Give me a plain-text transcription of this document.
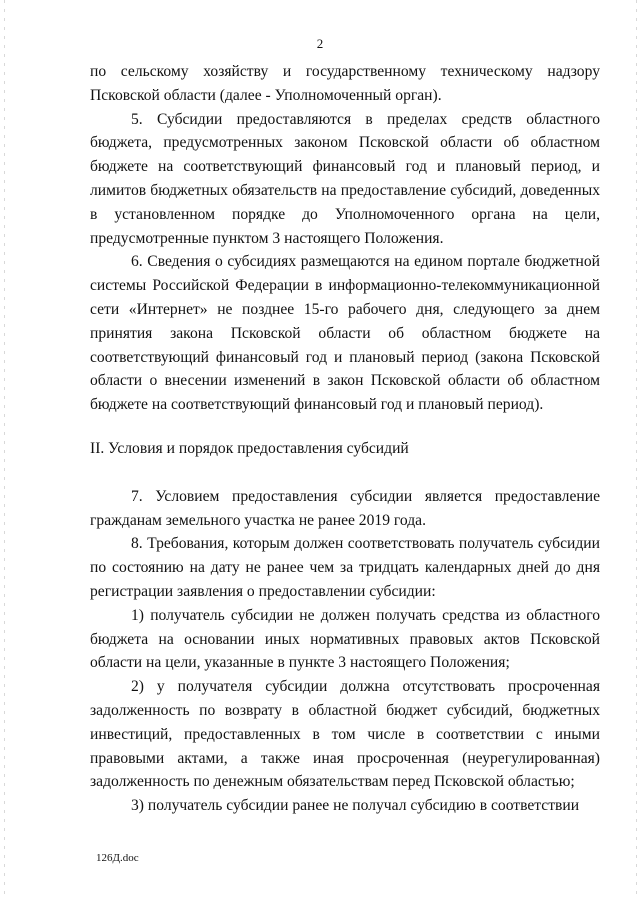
2

по сельскому хозяйству и государственному техническому надзору Псковской области (далее - Уполномоченный орган).

5. Субсидии предоставляются в пределах средств областного бюджета, предусмотренных законом Псковской области об областном бюджете на соответствующий финансовый год и плановый период, и лимитов бюджетных обязательств на предоставление субсидий, доведенных в установленном порядке до Уполномоченного органа на цели, предусмотренные пунктом 3 настоящего Положения.

6. Сведения о субсидиях размещаются на едином портале бюджетной системы Российской Федерации в информационно-телекоммуникационной сети «Интернет» не позднее 15-го рабочего дня, следующего за днем принятия закона Псковской области об областном бюджете на соответствующий финансовый год и плановый период (закона Псковской области о внесении изменений в закон Псковской области об областном бюджете на соответствующий финансовый год и плановый период).

II. Условия и порядок предоставления субсидий

7. Условием предоставления субсидии является предоставление гражданам земельного участка не ранее 2019 года.

8. Требования, которым должен соответствовать получатель субсидии по состоянию на дату не ранее чем за тридцать календарных дней до дня регистрации заявления о предоставлении субсидии:

1) получатель субсидии не должен получать средства из областного бюджета на основании иных нормативных правовых актов Псковской области на цели, указанные в пункте 3 настоящего Положения;

2) у получателя субсидии должна отсутствовать просроченная задолженность по возврату в областной бюджет субсидий, бюджетных инвестиций, предоставленных в том числе в соответствии с иными правовыми актами, а также иная просроченная (неурегулированная) задолженность по денежным обязательствам перед Псковской областью;

3) получатель субсидии ранее не получал субсидию в соответствии

126Д.doc
